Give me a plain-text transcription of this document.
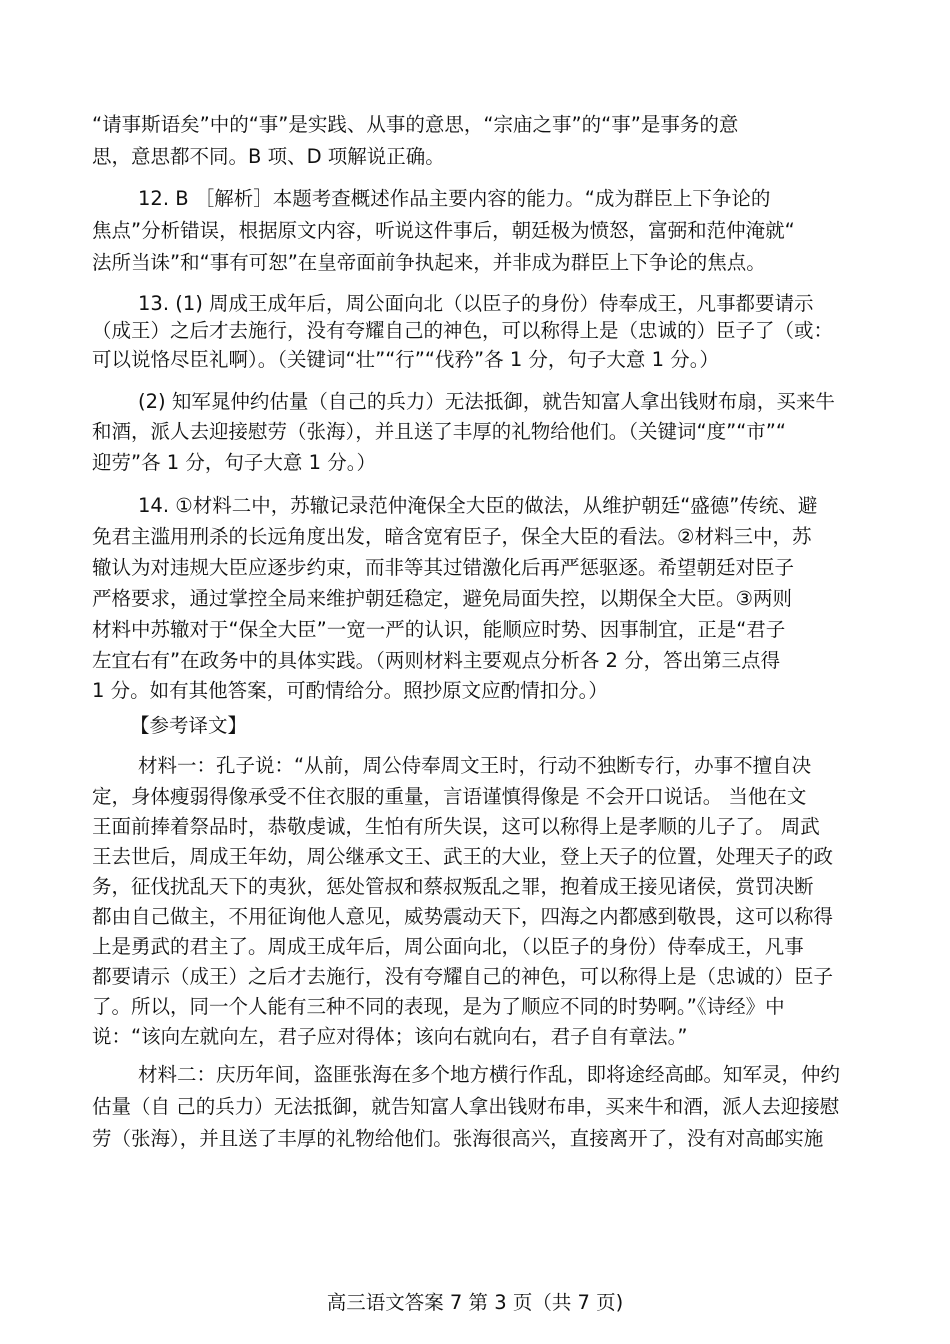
“请事斯语矣”中的“事”是实践、从事的意思，“宗庙之事”的“事”是事务的意
思，意思都不同。B 项、D 项解说正确。
12. B ［解析］本题考查概述作品主要内容的能力。“成为群臣上下争论的
焦点”分析错误，根据原文内容，听说这件事后，朝廷极为愤怒，富弼和范仲淹就“
法所当诛”和“事有可恕”在皇帝面前争执起来，并非成为群臣上下争论的焦点。
13. (1) 周成王成年后，周公面向北（以臣子的身份）侍奉成王，凡事都要请示
（成王）之后才去施行，没有夸耀自己的神色，可以称得上是（忠诚的）臣子了（或：
可以说恪尽臣礼啊）。（关键词“壮”“行”“伐矜”各 1 分，句子大意 1 分。）
(2) 知军晁仲约估量（自己的兵力）无法抵御，就告知富人拿出钱财布扇，买来牛
和酒，派人去迎接慰劳（张海），并且送了丰厚的礼物给他们。（关键词“度”“市”“
迎劳”各 1 分，句子大意 1 分。）
14. ①材料二中，苏辙记录范仲淹保全大臣的做法，从维护朝廷“盛德”传统、避
免君主滥用刑杀的长远角度出发，暗含宽宥臣子，保全大臣的看法。②材料三中，苏
辙认为对违规大臣应逐步约束，而非等其过错激化后再严惩驱逐。希望朝廷对臣子
严格要求，通过掌控全局来维护朝廷稳定，避免局面失控，以期保全大臣。③两则
材料中苏辙对于“保全大臣”一宽一严的认识，能顺应时势、因事制宜，正是“君子
左宜右有”在政务中的具体实践。（两则材料主要观点分析各 2 分，答出第三点得
1 分。如有其他答案，可酌情给分。照抄原文应酌情扣分。）
【参考译文】
材料一：孔子说：“从前，周公侍奉周文王时，行动不独断专行，办事不擅自决
定，身体瘦弱得像承受不住衣服的重量，言语谨慎得像是 不会开口说话。 当他在文
王面前捧着祭品时，恭敬虔诚，生怕有所失误，这可以称得上是孝顺的儿子了。 周武
王去世后，周成王年幼，周公继承文王、武王的大业，登上天子的位置，处理天子的政
务，征伐扰乱天下的夷狄，惩处管叔和蔡叔叛乱之罪，抱着成王接见诸侯，赏罚决断
都由自己做主，不用征询他人意见，威势震动天下，四海之内都感到敬畏，这可以称得
上是勇武的君主了。周成王成年后，周公面向北，（以臣子的身份）侍奉成王，凡事
都要请示（成王）之后才去施行，没有夸耀自己的神色，可以称得上是（忠诚的）臣子
了。所以，同一个人能有三种不同的表现，是为了顺应不同的时势啊。”《诗经》中
说：“该向左就向左，君子应对得体；该向右就向右，君子自有章法。”
材料二：庆历年间，盗匪张海在多个地方横行作乱，即将途经高邮。知军灵，仲约
估量（自 己的兵力）无法抵御，就告知富人拿出钱财布串，买来牛和酒，派人去迎接慰
劳（张海），并且送了丰厚的礼物给他们。张海很高兴，直接离开了，没有对高邮实施
高三语文答案 7 第 3 页（共 7 页)
